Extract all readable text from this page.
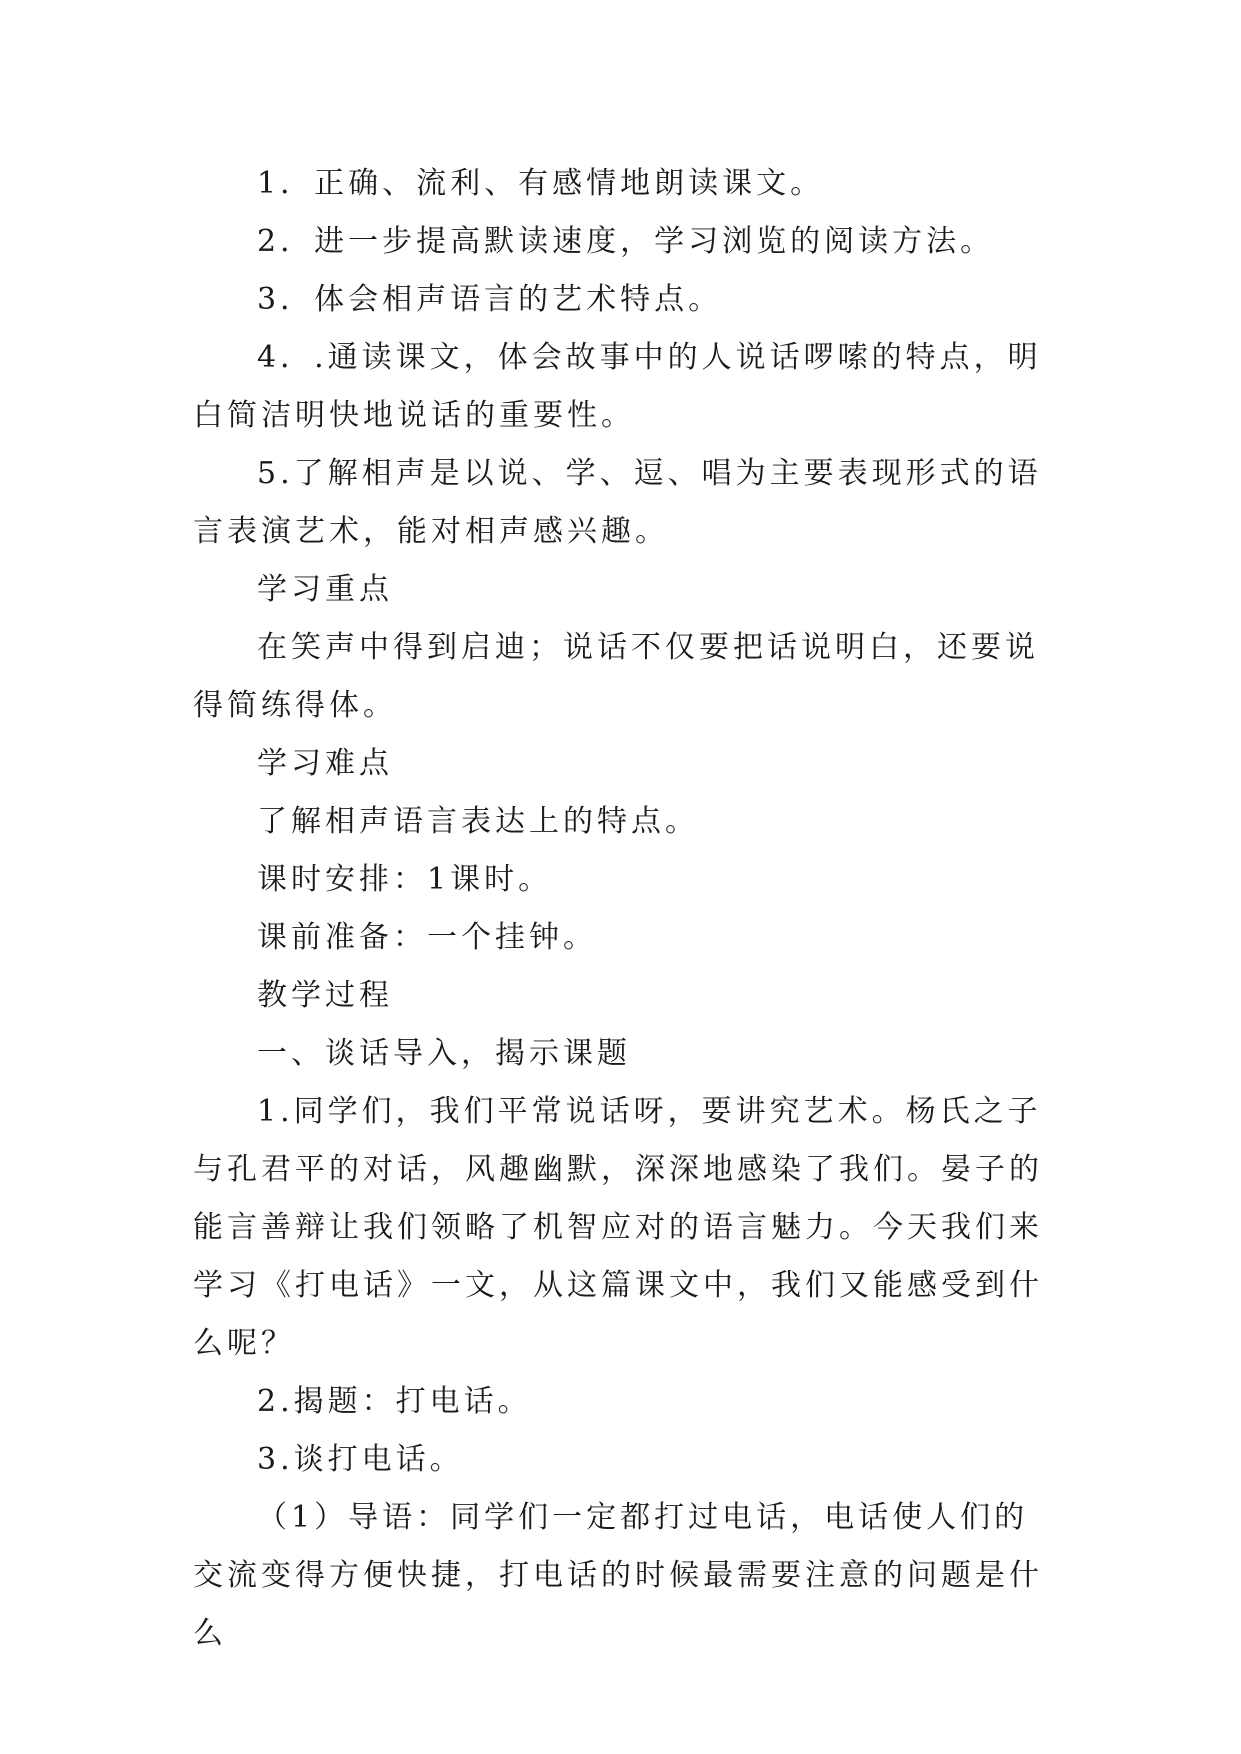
1．正确、流利、有感情地朗读课文。

2．进一步提高默读速度，学习浏览的阅读方法。

3．体会相声语言的艺术特点。

4．.通读课文，体会故事中的人说话啰嗦的特点，明白简洁明快地说话的重要性。

5.了解相声是以说、学、逗、唱为主要表现形式的语言表演艺术，能对相声感兴趣。

学习重点

在笑声中得到启迪；说话不仅要把话说明白，还要说得简练得体。

学习难点

了解相声语言表达上的特点。

课时安排：1课时。

课前准备：一个挂钟。

教学过程

一、谈话导入，揭示课题

1.同学们，我们平常说话呀，要讲究艺术。杨氏之子与孔君平的对话，风趣幽默，深深地感染了我们。晏子的能言善辩让我们领略了机智应对的语言魅力。今天我们来学习《打电话》一文，从这篇课文中，我们又能感受到什么呢？

2.揭题：打电话。

3.谈打电话。

（1）导语：同学们一定都打过电话，电话使人们的交流变得方便快捷，打电话的时候最需要注意的问题是什么
